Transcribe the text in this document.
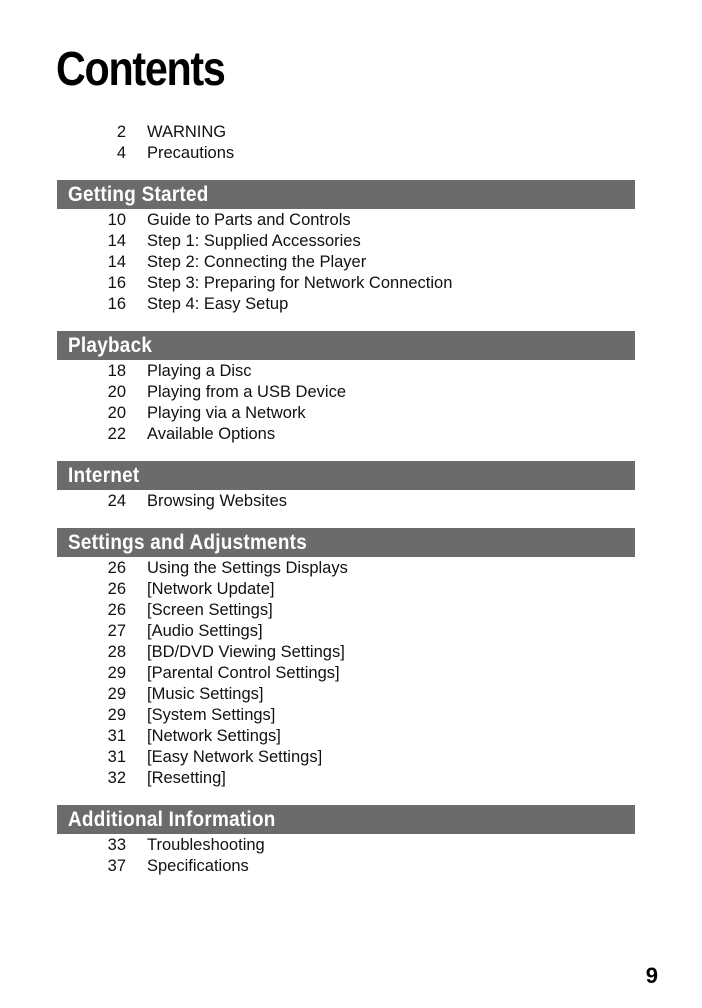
Contents
2 WARNING
4 Precautions
Getting Started
10 Guide to Parts and Controls
14 Step 1: Supplied Accessories
14 Step 2: Connecting the Player
16 Step 3: Preparing for Network Connection
16 Step 4: Easy Setup
Playback
18 Playing a Disc
20 Playing from a USB Device
20 Playing via a Network
22 Available Options
Internet
24 Browsing Websites
Settings and Adjustments
26 Using the Settings Displays
26 [Network Update]
26 [Screen Settings]
27 [Audio Settings]
28 [BD/DVD Viewing Settings]
29 [Parental Control Settings]
29 [Music Settings]
29 [System Settings]
31 [Network Settings]
31 [Easy Network Settings]
32 [Resetting]
Additional Information
33 Troubleshooting
37 Specifications
9
